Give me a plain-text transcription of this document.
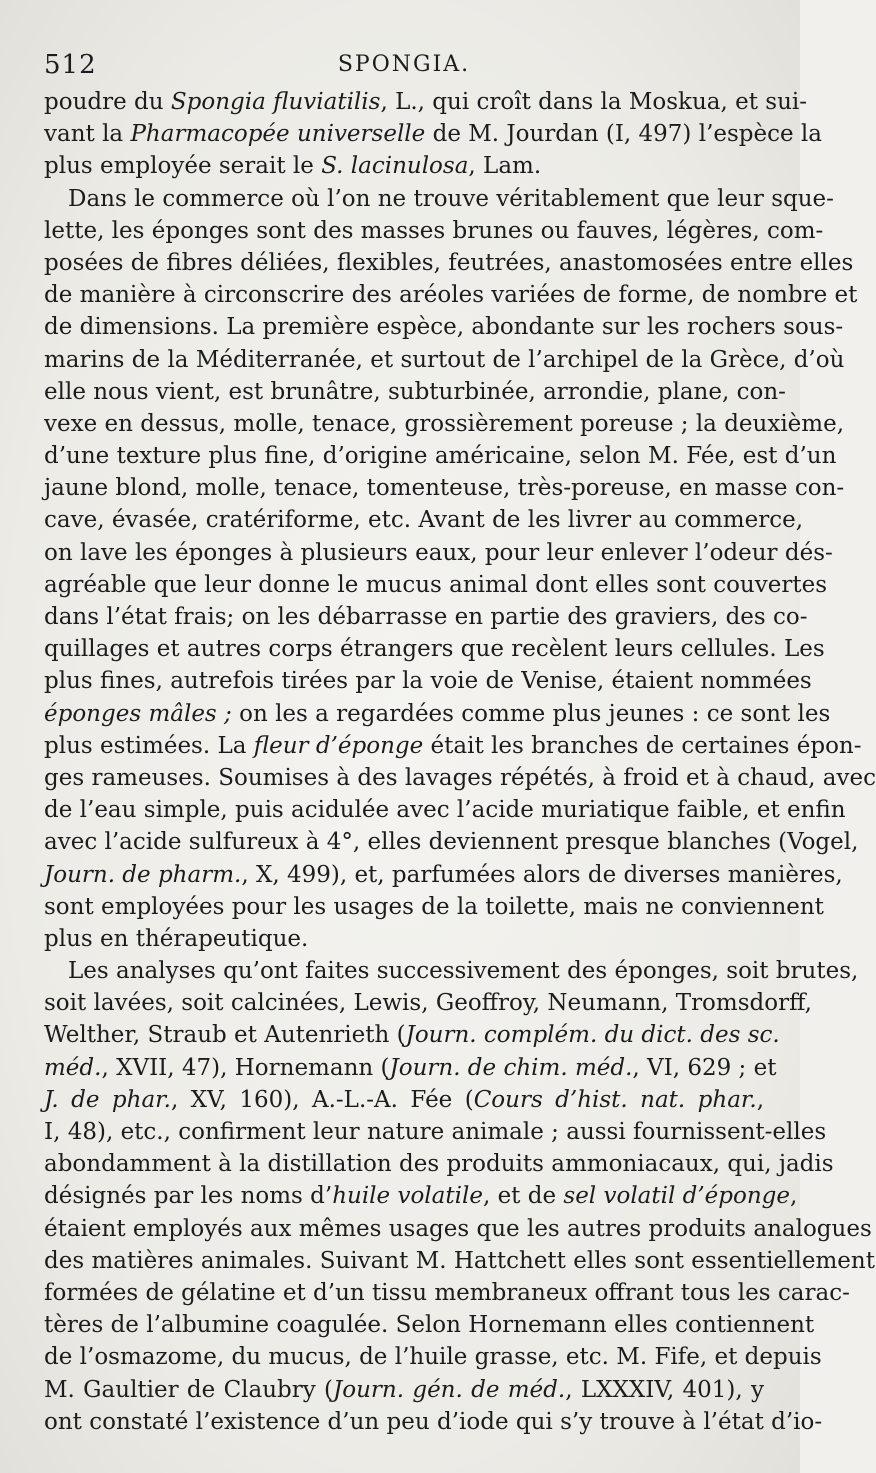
512	SPONGIA.
poudre du Spongia fluviatilis, L., qui croît dans la Moskua, et sui-
vant la Pharmacopée universelle de M. Jourdan (I, 497) l’espèce la
plus employée serait le S. lacinulosa, Lam.
Dans le commerce où l’on ne trouve véritablement que leur sque-
lette, les éponges sont des masses brunes ou fauves, légères, com-
posées de fibres déliées, flexibles, feutrées, anastomosées entre elles
de manière à circonscrire des aréoles variées de forme, de nombre et
de dimensions. La première espèce, abondante sur les rochers sous-
marins de la Méditerranée, et surtout de l’archipel de la Grèce, d’où
elle nous vient, est brunâtre, subturbinée, arrondie, plane, con-
vexe en dessus, molle, tenace, grossièrement poreuse ; la deuxième,
d’une texture plus fine, d’origine américaine, selon M. Fée, est d’un
jaune blond, molle, tenace, tomenteuse, très-poreuse, en masse con-
cave, évasée, cratériforme, etc. Avant de les livrer au commerce,
on lave les éponges à plusieurs eaux, pour leur enlever l’odeur dés-
agréable que leur donne le mucus animal dont elles sont couvertes
dans l’état frais; on les débarrasse en partie des graviers, des co-
quillages et autres corps étrangers que recèlent leurs cellules. Les
plus fines, autrefois tirées par la voie de Venise, étaient nommées
éponges mâles ; on les a regardées comme plus jeunes : ce sont les
plus estimées. La fleur d’éponge était les branches de certaines épon-
ges rameuses. Soumises à des lavages répétés, à froid et à chaud, avec
de l’eau simple, puis acidulée avec l’acide muriatique faible, et enfin
avec l’acide sulfureux à 4°, elles deviennent presque blanches (Vogel,
Journ. de pharm., X, 499), et, parfumées alors de diverses manières,
sont employées pour les usages de la toilette, mais ne conviennent
plus en thérapeutique.
Les analyses qu’ont faites successivement des éponges, soit brutes,
soit lavées, soit calcinées, Lewis, Geoffroy, Neumann, Tromsdorff,
Welther, Straub et Autenrieth (Journ. complém. du dict. des sc.
méd., XVII, 47), Hornemann (Journ. de chim. méd., VI, 629 ; et
J. de phar., XV, 160), A.-L.-A. Fée (Cours d’hist. nat. phar.,
I, 48), etc., confirment leur nature animale ; aussi fournissent-elles
abondamment à la distillation des produits ammoniacaux, qui, jadis
désignés par les noms d’huile volatile, et de sel volatil d’éponge,
étaient employés aux mêmes usages que les autres produits analogues
des matières animales. Suivant M. Hattchett elles sont essentiellement
formées de gélatine et d’un tissu membraneux offrant tous les carac-
tères de l’albumine coagulée. Selon Hornemann elles contiennent
de l’osmazome, du mucus, de l’huile grasse, etc. M. Fife, et depuis
M. Gaultier de Claubry (Journ. gén. de méd., LXXXIV, 401), y
ont constaté l’existence d’un peu d’iode qui s’y trouve à l’état d’io-
